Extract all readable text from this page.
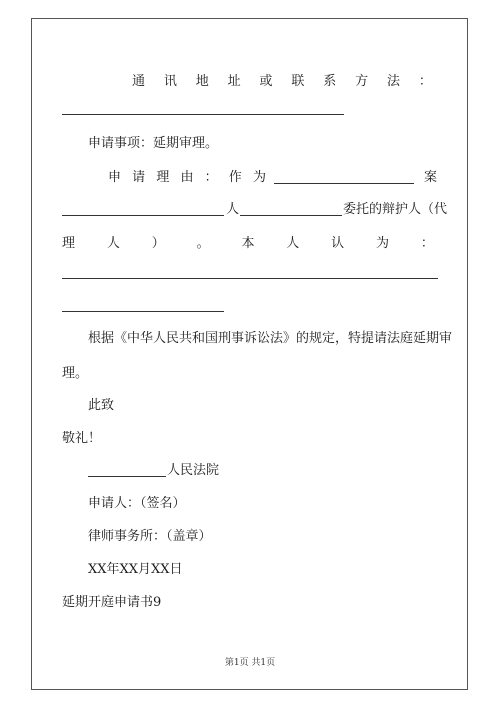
通 讯 地 址 或 联 系 方 法 ：
申请事项：延期审理。
申 请 理 由 ： 作 为	案
人	委托的辩护人（代
理 人 ） 。 本 人 认 为 ：
根据《中华人民共和国刑事诉讼法》的规定，特提请法庭延期审
理。
此致
敬礼！
人民法院
申请人：（签名）
律师事务所：（盖章）
XX年XX月XX日
延期开庭申请书9
第1页 共1页
